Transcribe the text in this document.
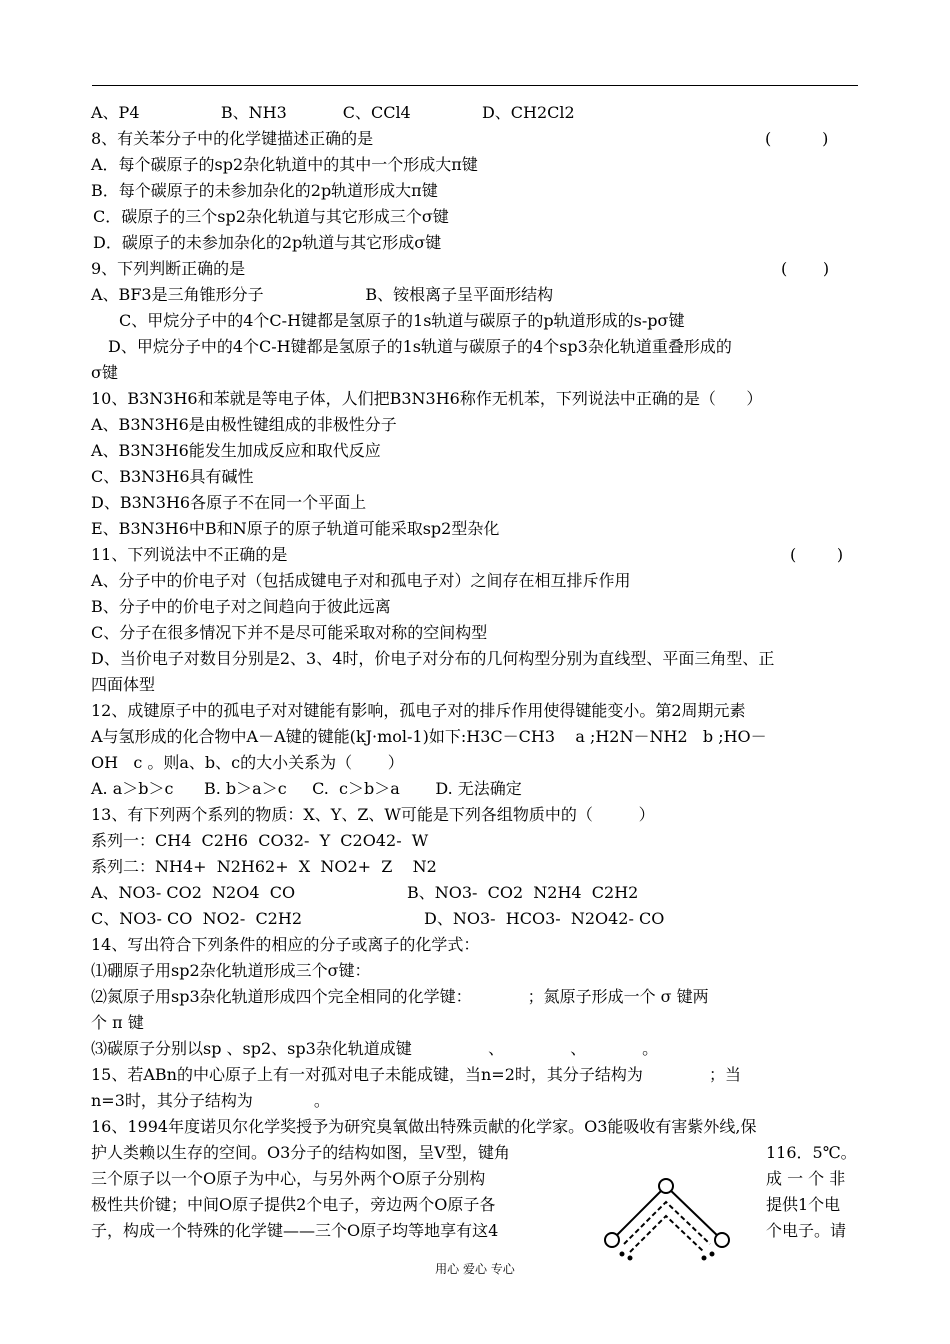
A、P4                B、NH3           C、CCl4              D、CH2Cl2
8、有关苯分子中的化学键描述正确的是
A．每个碳原子的sp2杂化轨道中的其中一个形成大π键
B．每个碳原子的未参加杂化的2p轨道形成大π键
C．碳原子的三个sp2杂化轨道与其它形成三个σ键
D．碳原子的未参加杂化的2p轨道与其它形成σ键
9、下列判断正确的是
A、BF3是三角锥形分子                    B、铵根离子呈平面形结构
C、甲烷分子中的4个C-H键都是氢原子的1s轨道与碳原子的p轨道形成的s-pσ键
D、甲烷分子中的4个C-H键都是氢原子的1s轨道与碳原子的4个sp3杂化轨道重叠形成的
σ键
10、B3N3H6和苯就是等电子体，人们把B3N3H6称作无机苯，下列说法中正确的是（      ）
A、B3N3H6是由极性键组成的非极性分子
A、B3N3H6能发生加成反应和取代反应
C、B3N3H6具有碱性
D、B3N3H6各原子不在同一个平面上
E、B3N3H6中B和N原子的原子轨道可能采取sp2型杂化
11、下列说法中不正确的是
A、分子中的价电子对（包括成键电子对和孤电子对）之间存在相互排斥作用
B、分子中的价电子对之间趋向于彼此远离
C、分子在很多情况下并不是尽可能采取对称的空间构型
D、当价电子对数目分别是2、3、4时，价电子对分布的几何构型分别为直线型、平面三角型、正
四面体型
12、成键原子中的孤电子对对键能有影响，孤电子对的排斥作用使得键能变小。第2周期元素
A与氢形成的化合物中A－A键的键能(kJ·mol-1)如下:H3C－CH3    a ;H2N－NH2   b ;HO－
OH   c 。则a、b、c的大小关系为（       ）
A. a＞b＞c      B. b＞a＞c     C.  c＞b＞a       D. 无法确定
13、有下列两个系列的物质：X、Y、Z、W可能是下列各组物质中的（         ）
系列一：CH4  C2H6  CO32-  Y  C2O42-  W
系列二：NH4+  N2H62+  X  NO2+  Z    N2
A、NO3- CO2  N2O4  CO                      B、NO3-  CO2  N2H4  C2H2
C、NO3- CO  NO2-  C2H2                        D、NO3-  HCO3-  N2O42- CO
14、写出符合下列条件的相应的分子或离子的化学式：
⑴硼原子用sp2杂化轨道形成三个σ键：
⑵氮原子用sp3杂化轨道形成四个完全相同的化学键：           ；氮原子形成一个 σ 键两
个 π 键
⑶碳原子分别以sp 、sp2、sp3杂化轨道成键               、             、           。
15、若ABn的中心原子上有一对孤对电子未能成键，当n=2时，其分子结构为             ；当
n=3时，其分子结构为            。
16、1994年度诺贝尔化学奖授予为研究臭氧做出特殊贡献的化学家。O3能吸收有害紫外线,保
护人类赖以生存的空间。O3分子的结构如图，呈V型，键角
三个原子以一个O原子为中心，与另外两个O原子分别构
极性共价键；中间O原子提供2个电子，旁边两个O原子各
子，构成一个特殊的化学键——三个O原子均等地享有这4
(          )
(       )
(        )
116．5℃。
成 一 个 非
提供1个电
个电子。请
用心 爱心 专心
